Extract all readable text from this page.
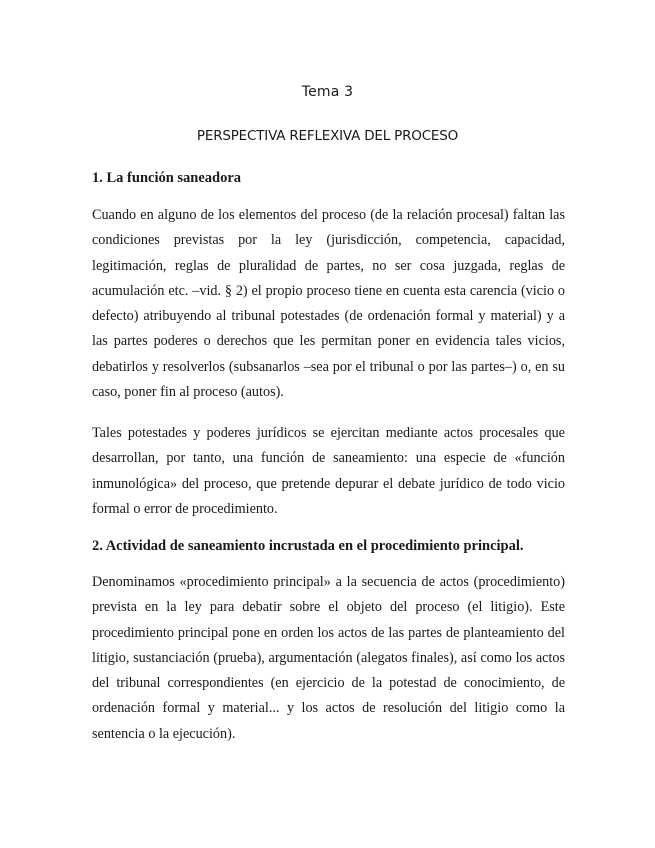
Tema 3
PERSPECTIVA REFLEXIVA DEL PROCESO
1. La función saneadora

Cuando en alguno de los elementos del proceso (de la relación procesal) faltan las condiciones previstas por la ley (jurisdicción, competencia, capacidad, legitimación, reglas de pluralidad de partes, no ser cosa juzgada, reglas de acumulación etc. –vid. § 2) el propio proceso tiene en cuenta esta carencia (vicio o defecto) atribuyendo al tribunal potestades (de ordenación formal y material) y a las partes poderes o derechos que les permitan poner en evidencia tales vicios, debatirlos y resolverlos (subsanarlos –sea por el tribunal o por las partes–) o, en su caso, poner fin al proceso (autos).

Tales potestades y poderes jurídicos se ejercitan mediante actos procesales que desarrollan, por tanto, una función de saneamiento: una especie de «función inmunológica» del proceso, que pretende depurar el debate jurídico de todo vicio formal o error de procedimiento.

2. Actividad de saneamiento incrustada en el procedimiento principal.

Denominamos «procedimiento principal» a la secuencia de actos (procedimiento) prevista en la ley para debatir sobre el objeto del proceso (el litigio). Este procedimiento principal pone en orden los actos de las partes de planteamiento del litigio, sustanciación (prueba), argumentación (alegatos finales), así como los actos del tribunal correspondientes (en ejercicio de la potestad de conocimiento, de ordenación formal y material... y los actos de resolución del litigio como la sentencia o la ejecución).
